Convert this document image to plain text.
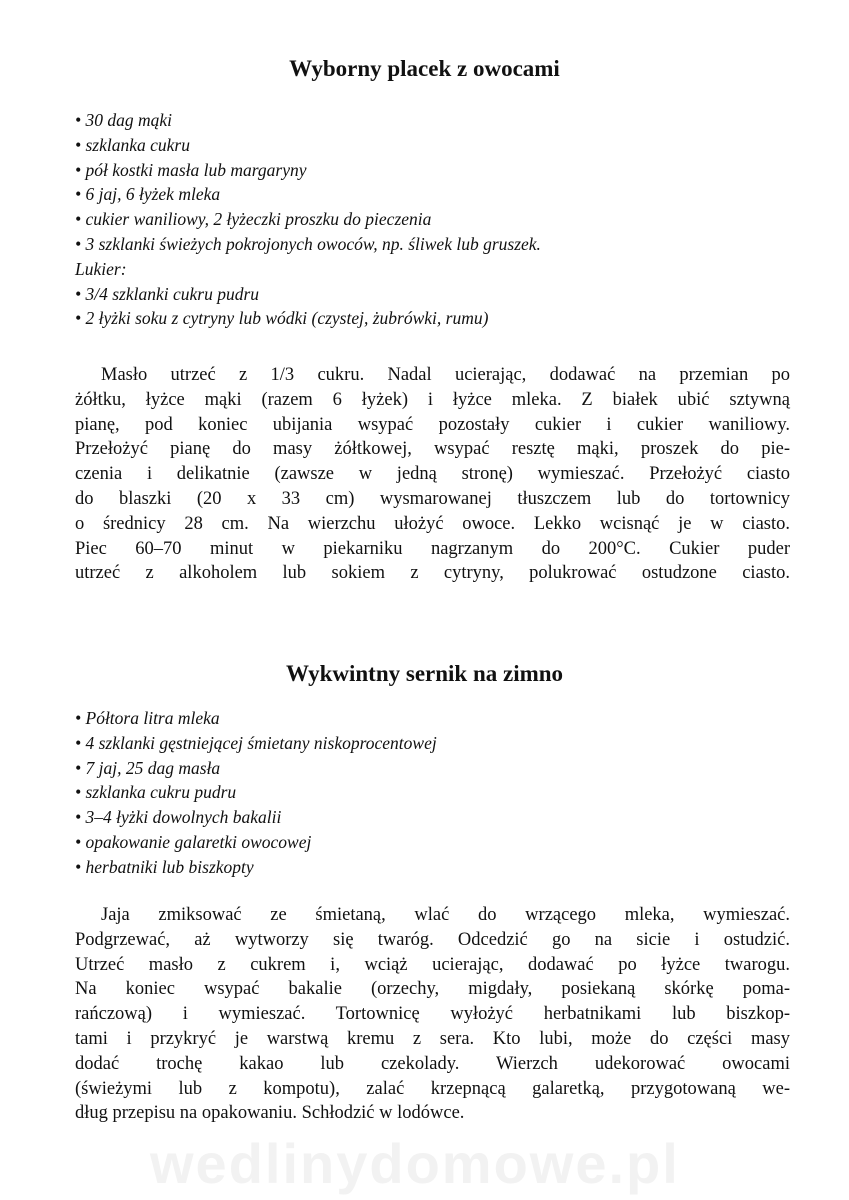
wedlinydomowe.pl
Wyborny placek z owocami
• 30 dag mąki
• szklanka cukru
• pół kostki masła lub margaryny
• 6 jaj, 6 łyżek mleka
• cukier waniliowy, 2 łyżeczki proszku do pieczenia
• 3 szklanki świeżych pokrojonych owoców, np. śliwek lub gruszek.
Lukier:
• 3/4 szklanki cukru pudru
• 2 łyżki soku z cytryny lub wódki (czystej, żubrówki, rumu)
Masło utrzeć z 1/3 cukru. Nadal ucierając, dodawać na przemian po
żółtku, łyżce mąki (razem 6 łyżek) i łyżce mleka. Z białek ubić sztywną
pianę, pod koniec ubijania wsypać pozostały cukier i cukier waniliowy.
Przełożyć pianę do masy żółtkowej, wsypać resztę mąki, proszek do pie-
czenia i delikatnie (zawsze w jedną stronę) wymieszać. Przełożyć ciasto
do blaszki (20 x 33 cm) wysmarowanej tłuszczem lub do tortownicy
o średnicy 28 cm. Na wierzchu ułożyć owoce. Lekko wcisnąć je w ciasto.
Piec 60–70 minut w piekarniku nagrzanym do 200°C. Cukier puder
utrzeć z alkoholem lub sokiem z cytryny, polukrować ostudzone ciasto.
Wykwintny sernik na zimno
• Półtora litra mleka
• 4 szklanki gęstniejącej śmietany niskoprocentowej
• 7 jaj, 25 dag masła
• szklanka cukru pudru
• 3–4 łyżki dowolnych bakalii
• opakowanie galaretki owocowej
• herbatniki lub biszkopty
Jaja zmiksować ze śmietaną, wlać do wrzącego mleka, wymieszać.
Podgrzewać, aż wytworzy się twaróg. Odcedzić go na sicie i ostudzić.
Utrzeć masło z cukrem i, wciąż ucierając, dodawać po łyżce twarogu.
Na koniec wsypać bakalie (orzechy, migdały, posiekaną skórkę poma-
rańczową) i wymieszać. Tortownicę wyłożyć herbatnikami lub biszkop-
tami i przykryć je warstwą kremu z sera. Kto lubi, może do części masy
dodać trochę kakao lub czekolady. Wierzch udekorować owocami
(świeżymi lub z kompotu), zalać krzepnącą galaretką, przygotowaną we-
dług przepisu na opakowaniu. Schłodzić w lodówce.
